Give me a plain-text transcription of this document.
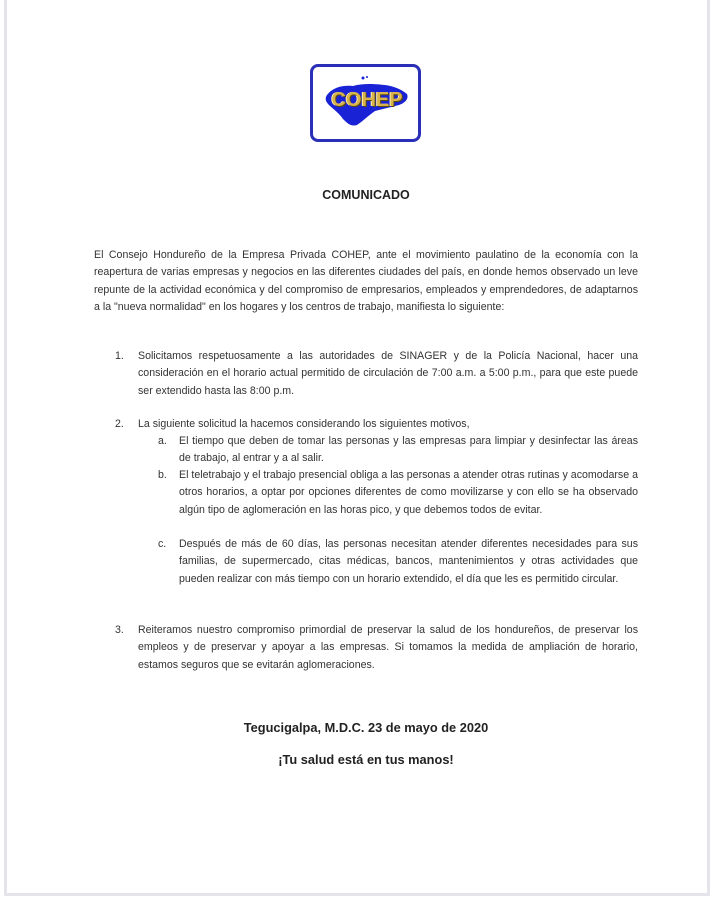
COHEP
COMUNICADO
El Consejo Hondureño de la Empresa Privada COHEP, ante el movimiento paulatino de la economía con la reapertura de varias empresas y negocios en las diferentes ciudades del país, en donde hemos observado un leve repunte de la actividad económica y del compromiso de empresarios, empleados y emprendedores, de adaptarnos a la "nueva normalidad" en los hogares y los centros de trabajo, manifiesta lo siguiente:
1. Solicitamos respetuosamente a las autoridades de SINAGER y de la Policía Nacional, hacer una consideración en el horario actual permitido de circulación de 7:00 a.m. a 5:00 p.m., para que este puede ser extendido hasta las 8:00 p.m.
2. La siguiente solicitud la hacemos considerando los siguientes motivos,
a. El tiempo que deben de tomar las personas y las empresas para limpiar y desinfectar las áreas de trabajo, al entrar y a al salir.
b. El teletrabajo y el trabajo presencial obliga a las personas a atender otras rutinas y acomodarse a otros horarios, a optar por opciones diferentes de como movilizarse y con ello se ha observado algún tipo de aglomeración en las horas pico, y que debemos todos de evitar.
c. Después de más de 60 días, las personas necesitan atender diferentes necesidades para sus familias, de supermercado, citas médicas, bancos, mantenimientos y otras actividades que pueden realizar con más tiempo con un horario extendido, el día que les es permitido circular.
3. Reiteramos nuestro compromiso primordial de preservar la salud de los hondureños, de preservar los empleos y de preservar y apoyar a las empresas. Si tomamos la medida de ampliación de horario, estamos seguros que se evitarán aglomeraciones.
Tegucigalpa, M.D.C. 23 de mayo de 2020
¡Tu salud está en tus manos!
